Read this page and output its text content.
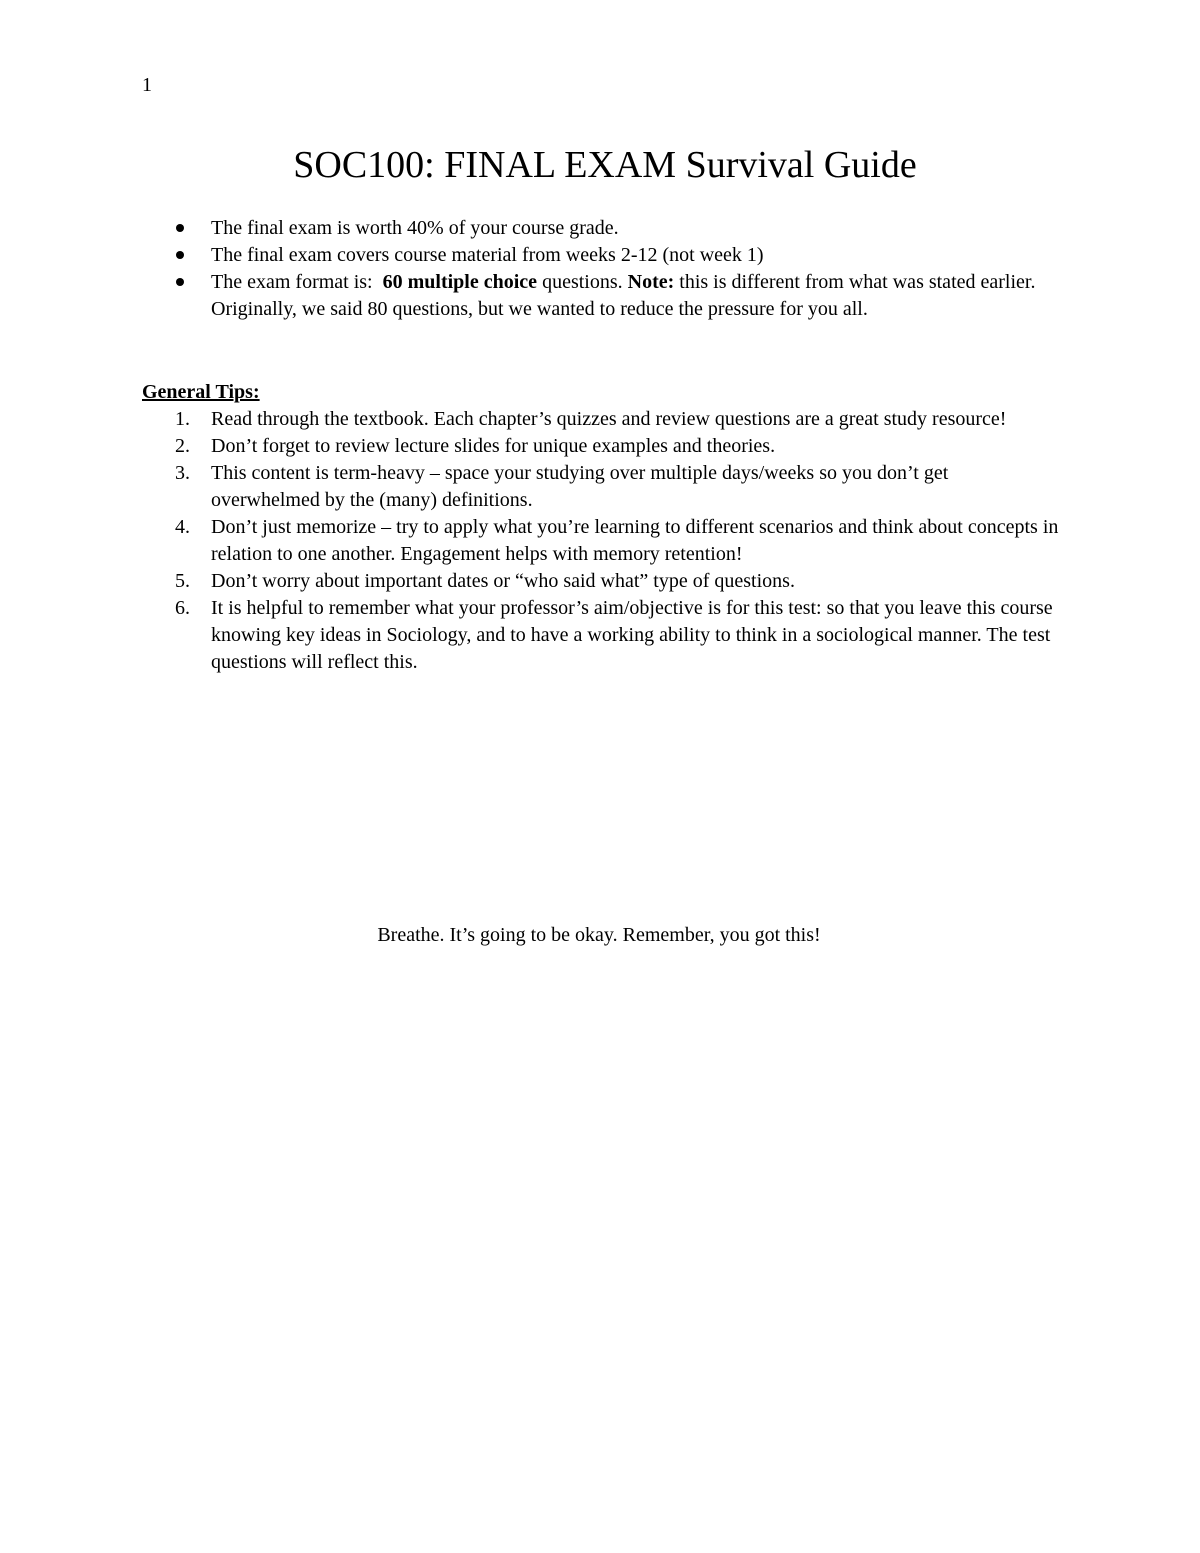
1
SOC100: FINAL EXAM Survival Guide
The final exam is worth 40% of your course grade.
The final exam covers course material from weeks 2-12 (not week 1)
The exam format is:  60 multiple choice questions. Note: this is different from what was stated earlier. Originally, we said 80 questions, but we wanted to reduce the pressure for you all.
General Tips:
1. Read through the textbook. Each chapter’s quizzes and review questions are a great study resource!
2. Don’t forget to review lecture slides for unique examples and theories.
3. This content is term-heavy – space your studying over multiple days/weeks so you don’t get overwhelmed by the (many) definitions.
4. Don’t just memorize – try to apply what you’re learning to different scenarios and think about concepts in relation to one another. Engagement helps with memory retention!
5. Don’t worry about important dates or “who said what” type of questions.
6. It is helpful to remember what your professor’s aim/objective is for this test: so that you leave this course knowing key ideas in Sociology, and to have a working ability to think in a sociological manner. The test questions will reflect this.
Breathe. It’s going to be okay. Remember, you got this!
